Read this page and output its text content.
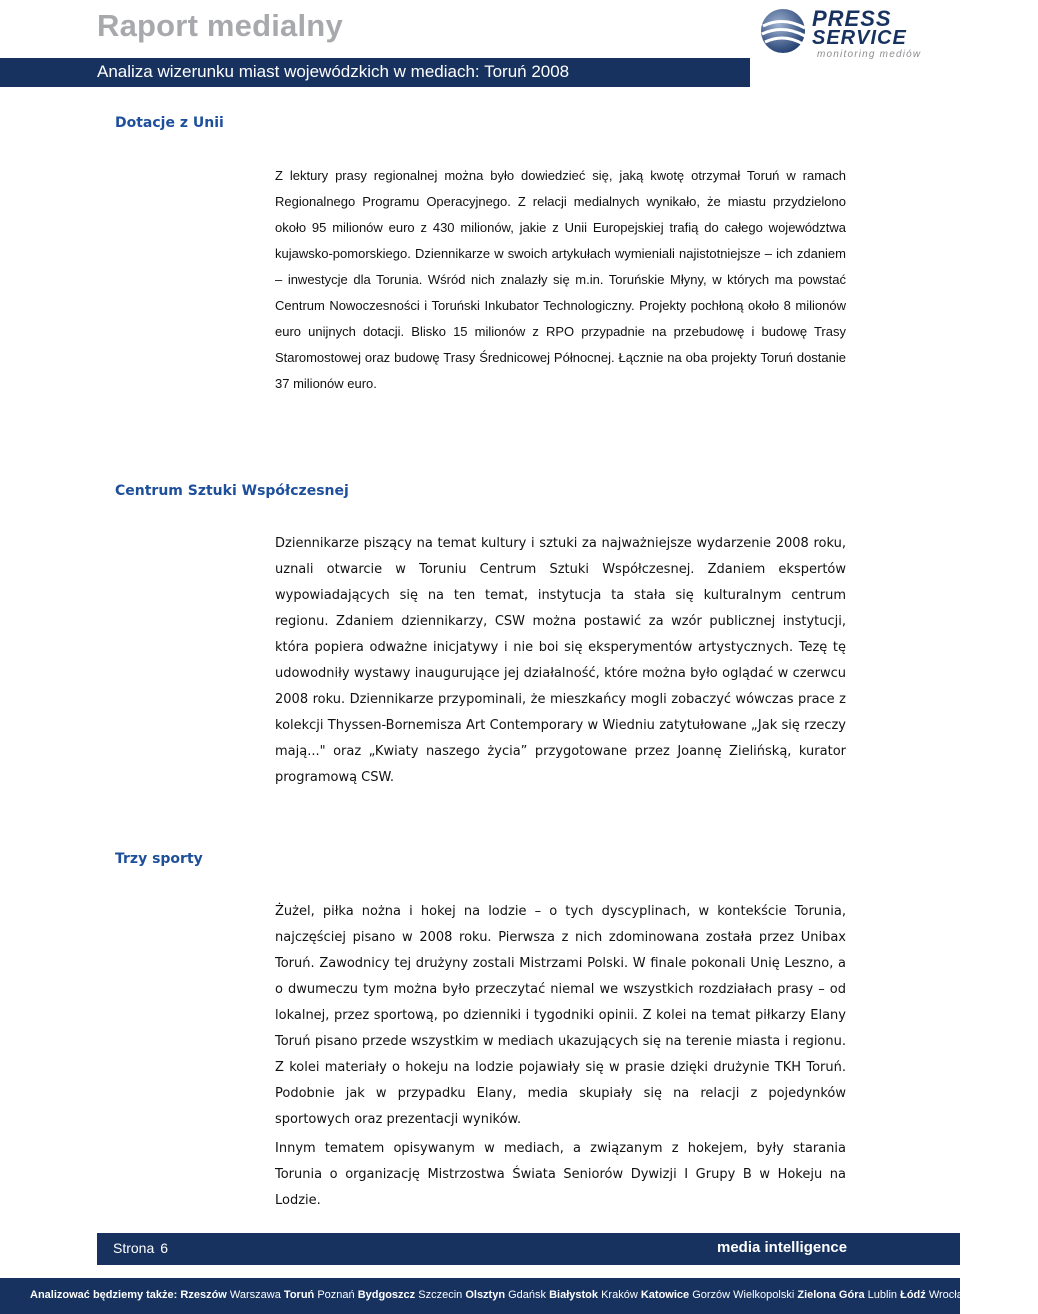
Raport medialny	PRESS
SERVICE
monitoring mediów
Analiza wizerunku miast wojewódzkich w mediach: Toruń 2008
Dotacje z Unii
Z lektury prasy regionalnej można było dowiedzieć się, jaką kwotę otrzymał Toruń w ramach Regionalnego Programu Operacyjnego. Z relacji medialnych wynikało, że miastu przydzielono około 95 milionów euro z 430 milionów, jakie z Unii Europejskiej trafią do całego województwa kujawsko-pomorskiego. Dziennikarze w swoich artykułach wymieniali najistotniejsze – ich zdaniem – inwestycje dla Torunia. Wśród nich znalazły się m.in. Toruńskie Młyny, w których ma powstać Centrum Nowoczesności i Toruński Inkubator Technologiczny. Projekty pochłoną około 8 milionów euro unijnych dotacji. Blisko 15 milionów z RPO przypadnie na przebudowę i budowę Trasy Staromostowej oraz budowę Trasy Średnicowej Północnej. Łącznie na oba projekty Toruń dostanie 37 milionów euro.
Centrum Sztuki Współczesnej
Dziennikarze piszący na temat kultury i sztuki za najważniejsze wydarzenie 2008 roku, uznali otwarcie w Toruniu Centrum Sztuki Współczesnej. Zdaniem ekspertów wypowiadających się na ten temat, instytucja ta stała się kulturalnym centrum regionu. Zdaniem dziennikarzy, CSW można postawić za wzór publicznej instytucji, która popiera odważne inicjatywy i nie boi się eksperymentów artystycznych. Tezę tę udowodniły wystawy inaugurujące jej działalność, które można było oglądać w czerwcu 2008 roku. Dziennikarze przypominali, że mieszkańcy mogli zobaczyć wówczas prace z kolekcji Thyssen-Bornemisza Art Contemporary w Wiedniu zatytułowane „Jak się rzeczy mają..." oraz „Kwiaty naszego życia” przygotowane przez Joannę Zielińską, kurator programową CSW.
Trzy sporty
Żużel, piłka nożna i hokej na lodzie – o tych dyscyplinach, w kontekście Torunia, najczęściej pisano w 2008 roku. Pierwsza z nich zdominowana została przez Unibax Toruń. Zawodnicy tej drużyny zostali Mistrzami Polski. W finale pokonali Unię Leszno, a o dwumeczu tym można było przeczytać niemal we wszystkich rozdziałach prasy – od lokalnej, przez sportową, po dzienniki i tygodniki opinii. Z kolei na temat piłkarzy Elany Toruń pisano przede wszystkim w mediach ukazujących się na terenie miasta i regionu. Z kolei materiały o hokeju na lodzie pojawiały się w prasie dzięki drużynie TKH Toruń. Podobnie jak w przypadku Elany, media skupiały się na relacji z pojedynków sportowych oraz prezentacji wyników.
Innym tematem opisywanym w mediach, a związanym z hokejem, były starania Torunia o organizację Mistrzostwa Świata Seniorów Dywizji I Grupy B w Hokeju na Lodzie.
Strona 6	media intelligence
Analizować będziemy także: Rzeszów Warszawa Toruń Poznań Bydgoszcz Szczecin Olsztyn Gdańsk Białystok Kraków Katowice Gorzów Wielkopolski Zielona Góra Lublin Łódź Wrocław Opole Kielce
